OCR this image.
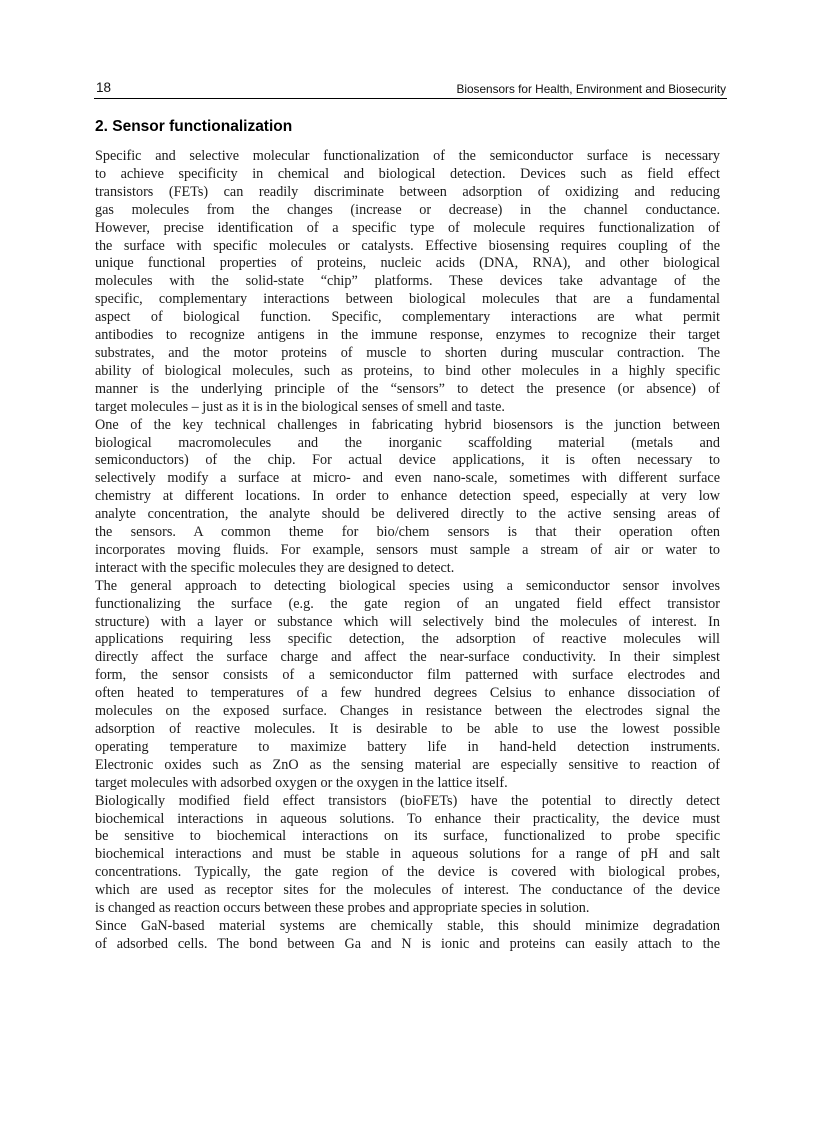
18	Biosensors for Health, Environment and Biosecurity
2. Sensor functionalization

Specific and selective molecular functionalization of the semiconductor surface is necessary
to achieve specificity in chemical and biological detection. Devices such as field effect
transistors (FETs) can readily discriminate between adsorption of oxidizing and reducing
gas molecules from the changes (increase or decrease) in the channel conductance.
However, precise identification of a specific type of molecule requires functionalization of
the surface with specific molecules or catalysts. Effective biosensing requires coupling of the
unique functional properties of proteins, nucleic acids (DNA, RNA), and other biological
molecules with the solid-state “chip” platforms. These devices take advantage of the
specific, complementary interactions between biological molecules that are a fundamental
aspect of biological function. Specific, complementary interactions are what permit
antibodies to recognize antigens in the immune response, enzymes to recognize their target
substrates, and the motor proteins of muscle to shorten during muscular contraction. The
ability of biological molecules, such as proteins, to bind other molecules in a highly specific
manner is the underlying principle of the “sensors” to detect the presence (or absence) of
target molecules – just as it is in the biological senses of smell and taste.

One of the key technical challenges in fabricating hybrid biosensors is the junction between
biological macromolecules and the inorganic scaffolding material (metals and
semiconductors) of the chip. For actual device applications, it is often necessary to
selectively modify a surface at micro- and even nano-scale, sometimes with different surface
chemistry at different locations. In order to enhance detection speed, especially at very low
analyte concentration, the analyte should be delivered directly to the active sensing areas of
the sensors. A common theme for bio/chem sensors is that their operation often
incorporates moving fluids. For example, sensors must sample a stream of air or water to
interact with the specific molecules they are designed to detect.

The general approach to detecting biological species using a semiconductor sensor involves
functionalizing the surface (e.g. the gate region of an ungated field effect transistor
structure) with a layer or substance which will selectively bind the molecules of interest. In
applications requiring less specific detection, the adsorption of reactive molecules will
directly affect the surface charge and affect the near-surface conductivity. In their simplest
form, the sensor consists of a semiconductor film patterned with surface electrodes and
often heated to temperatures of a few hundred degrees Celsius to enhance dissociation of
molecules on the exposed surface. Changes in resistance between the electrodes signal the
adsorption of reactive molecules. It is desirable to be able to use the lowest possible
operating temperature to maximize battery life in hand-held detection instruments.
Electronic oxides such as ZnO as the sensing material are especially sensitive to reaction of
target molecules with adsorbed oxygen or the oxygen in the lattice itself.

Biologically modified field effect transistors (bioFETs) have the potential to directly detect
biochemical interactions in aqueous solutions. To enhance their practicality, the device must
be sensitive to biochemical interactions on its surface, functionalized to probe specific
biochemical interactions and must be stable in aqueous solutions for a range of pH and salt
concentrations. Typically, the gate region of the device is covered with biological probes,
which are used as receptor sites for the molecules of interest. The conductance of the device
is changed as reaction occurs between these probes and appropriate species in solution.

Since GaN-based material systems are chemically stable, this should minimize degradation
of adsorbed cells. The bond between Ga and N is ionic and proteins can easily attach to the
